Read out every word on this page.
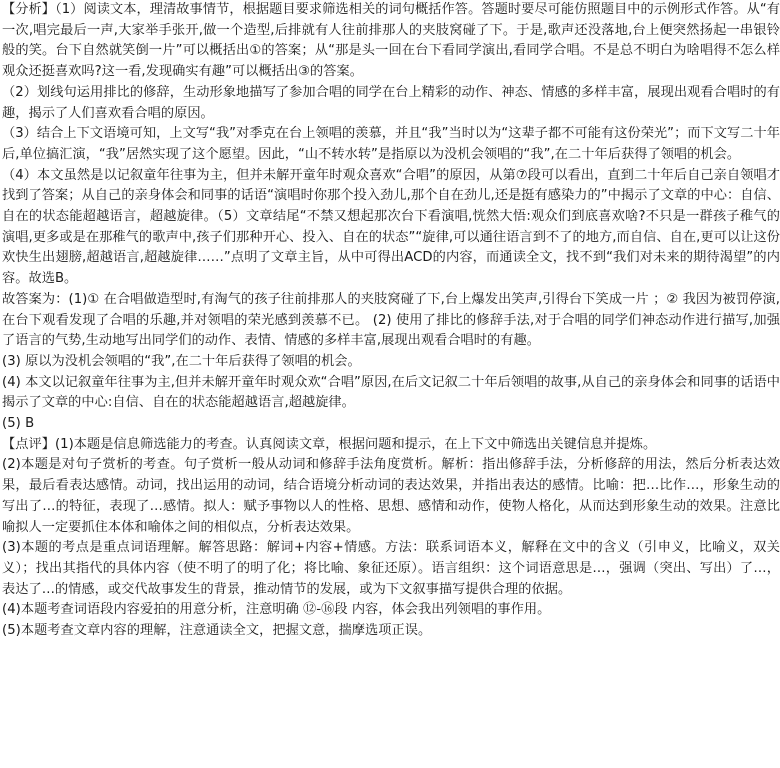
【分析】（1）阅读文本，理清故事情节，根据题目要求筛选相关的词句概括作答。答题时要尽可能仿照题目中的示例形式作答。从“有一次,唱完最后一声,大家举手张开,做一个造型,后排就有人往前排那人的夹肢窝碰了下。于是,歌声还没落地,台上便突然扬起一串银铃般的笑。台下自然就笑倒一片”可以概括出①的答案；从“那是头一回在台下看同学演出,看同学合唱。不是总不明白为啥唱得不怎么样观众还挺喜欢吗?这一看,发现确实有趣”可以概括出③的答案。

（2）划线句运用排比的修辞，生动形象地描写了参加合唱的同学在台上精彩的动作、神态、情感的多样丰富，展现出观看合唱时的有趣，揭示了人们喜欢看合唱的原因。

（3）结合上下文语境可知，上文写“我”对季克在台上领唱的羡慕，并且“我”当时以为“这辈子都不可能有这份荣光”；而下文写二十年后,单位搞汇演，“我”居然实现了这个愿望。因此，“山不转水转”是指原以为没机会领唱的“我”,在二十年后获得了领唱的机会。

（4）本文虽然是以记叙童年往事为主，但并未解开童年时观众喜欢“合唱”的原因，从第⑦段可以看出，直到二十年后自己亲自领唱才找到了答案；从自己的亲身体会和同事的话语“演唱时你那个投入劲儿,那个自在劲儿,还是挺有感染力的”中揭示了文章的中心：自信、自在的状态能超越语言，超越旋律。（5）文章结尾“不禁又想起那次台下看演唱,恍然大悟:观众们到底喜欢啥?不只是一群孩子稚气的演唱,更多或是在那稚气的歌声中,孩子们那种开心、投入、自在的状态”“旋律,可以通往语言到不了的地方,而自信、自在,更可以让这份欢快生出翅膀,超越语言,超越旋律……”点明了文章主旨，从中可得出ACD的内容，而通读全文，找不到“我们对未来的期待渴望”的内容。故选B。

故答案为：(1)① 在合唱做造型时,有淘气的孩子往前排那人的夹肢窝碰了下,台上爆发出笑声,引得台下笑成一片 ；② 我因为被罚停演,在台下观看发现了合唱的乐趣,并对领唱的荣光感到羡慕不已。 (2) 使用了排比的修辞手法,对于合唱的同学们神态动作进行描写,加强了语言的气势,生动地写出同学们的动作、表情、情感的多样丰富,展现出观看合唱时的有趣。

(3) 原以为没机会领唱的“我”,在二十年后获得了领唱的机会。

(4) 本文以记叙童年往事为主,但并未解开童年时观众欢“合唱”原因,在后文记叙二十年后领唱的故事,从自己的亲身体会和同事的话语中揭示了文章的中心:自信、自在的状态能超越语言,超越旋律。

(5) B

【点评】(1)本题是信息筛选能力的考查。认真阅读文章，根据问题和提示，在上下文中筛选出关键信息并提炼。

(2)本题是对句子赏析的考查。句子赏析一般从动词和修辞手法角度赏析。解析：指出修辞手法，分析修辞的用法，然后分析表达效果，最后看表达感情。动词，找出运用的动词，结合语境分析动词的表达效果，并指出表达的感情。比喻：把…比作…，形象生动的写出了…的特征，表现了…感情。拟人：赋予事物以人的性格、思想、感情和动作，使物人格化，从而达到形象生动的效果。注意比喻拟人一定要抓住本体和喻体之间的相似点，分析表达效果。

(3)本题的考点是重点词语理解。解答思路：解词+内容+情感。方法：联系词语本义，解释在文中的含义（引申义，比喻义，双关义）；找出其指代的具体内容（使不明了的明了化；将比喻、象征还原）。语言组织：这个词语意思是…，强调（突出、写出）了…，表达了…的情感，或交代故事发生的背景，推动情节的发展，或为下文叙事描写提供合理的依据。

(4)本题考查词语段内容爱拍的用意分析，注意明确 ⑫-⑯段 内容，体会我出列领唱的事作用。

(5)本题考查文章内容的理解，注意通读全文，把握文意，揣摩选项正误。
